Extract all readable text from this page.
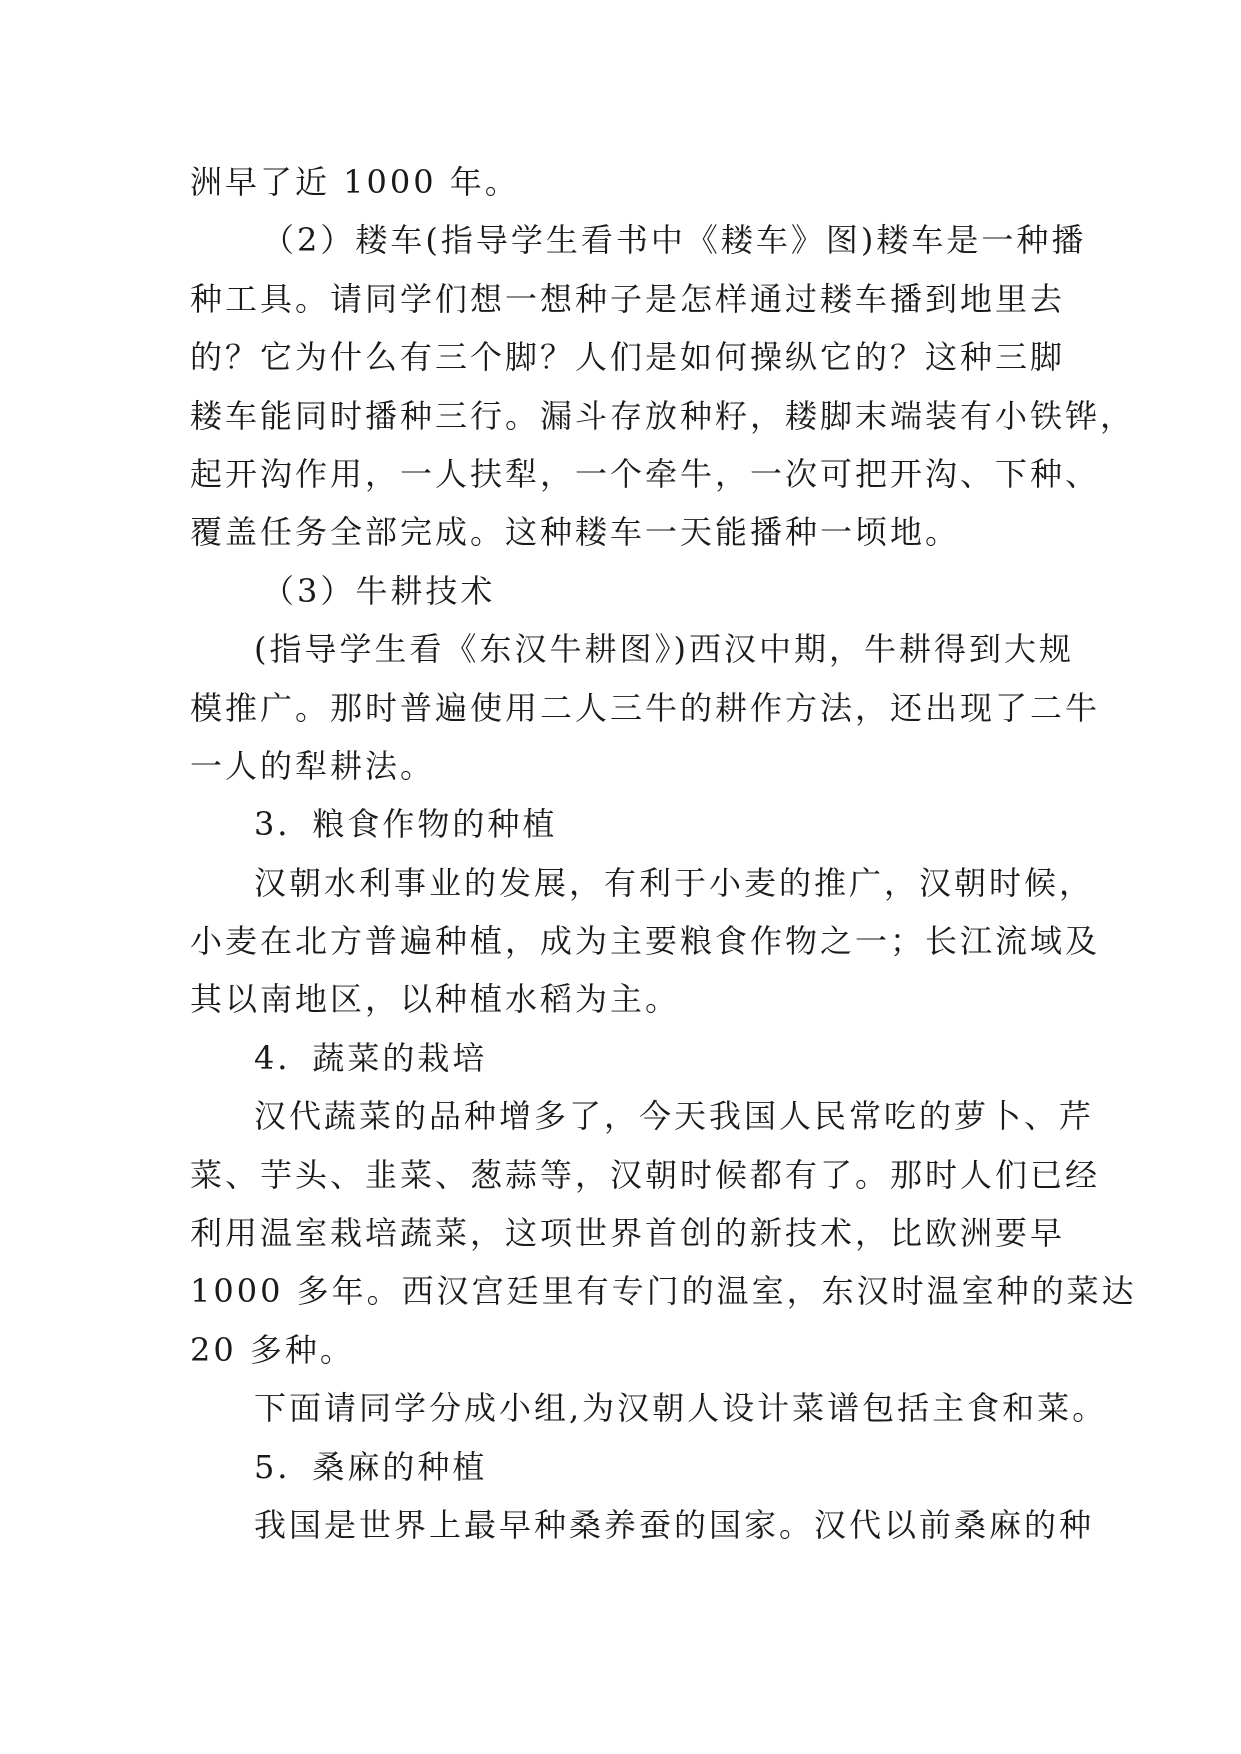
洲早了近 1000 年。
（2）耧车(指导学生看书中《耧车》图)耧车是一种播
种工具。请同学们想一想种子是怎样通过耧车播到地里去
的？它为什么有三个脚？人们是如何操纵它的？这种三脚
耧车能同时播种三行。漏斗存放种籽，耧脚末端装有小铁铧，
起开沟作用，一人扶犁，一个牵牛，一次可把开沟、下种、
覆盖任务全部完成。这种耧车一天能播种一顷地。
（3）牛耕技术
(指导学生看《东汉牛耕图》)西汉中期，牛耕得到大规
模推广。那时普遍使用二人三牛的耕作方法，还出现了二牛
一人的犁耕法。
3．粮食作物的种植
汉朝水利事业的发展，有利于小麦的推广，汉朝时候，
小麦在北方普遍种植，成为主要粮食作物之一；长江流域及
其以南地区，以种植水稻为主。
4．蔬菜的栽培
汉代蔬菜的品种增多了，今天我国人民常吃的萝卜、芹
菜、芋头、韭菜、葱蒜等，汉朝时候都有了。那时人们已经
利用温室栽培蔬菜，这项世界首创的新技术，比欧洲要早
1000 多年。西汉宫廷里有专门的温室，东汉时温室种的菜达
20 多种。
下面请同学分成小组,为汉朝人设计菜谱包括主食和菜。
5．桑麻的种植
我国是世界上最早种桑养蚕的国家。汉代以前桑麻的种
